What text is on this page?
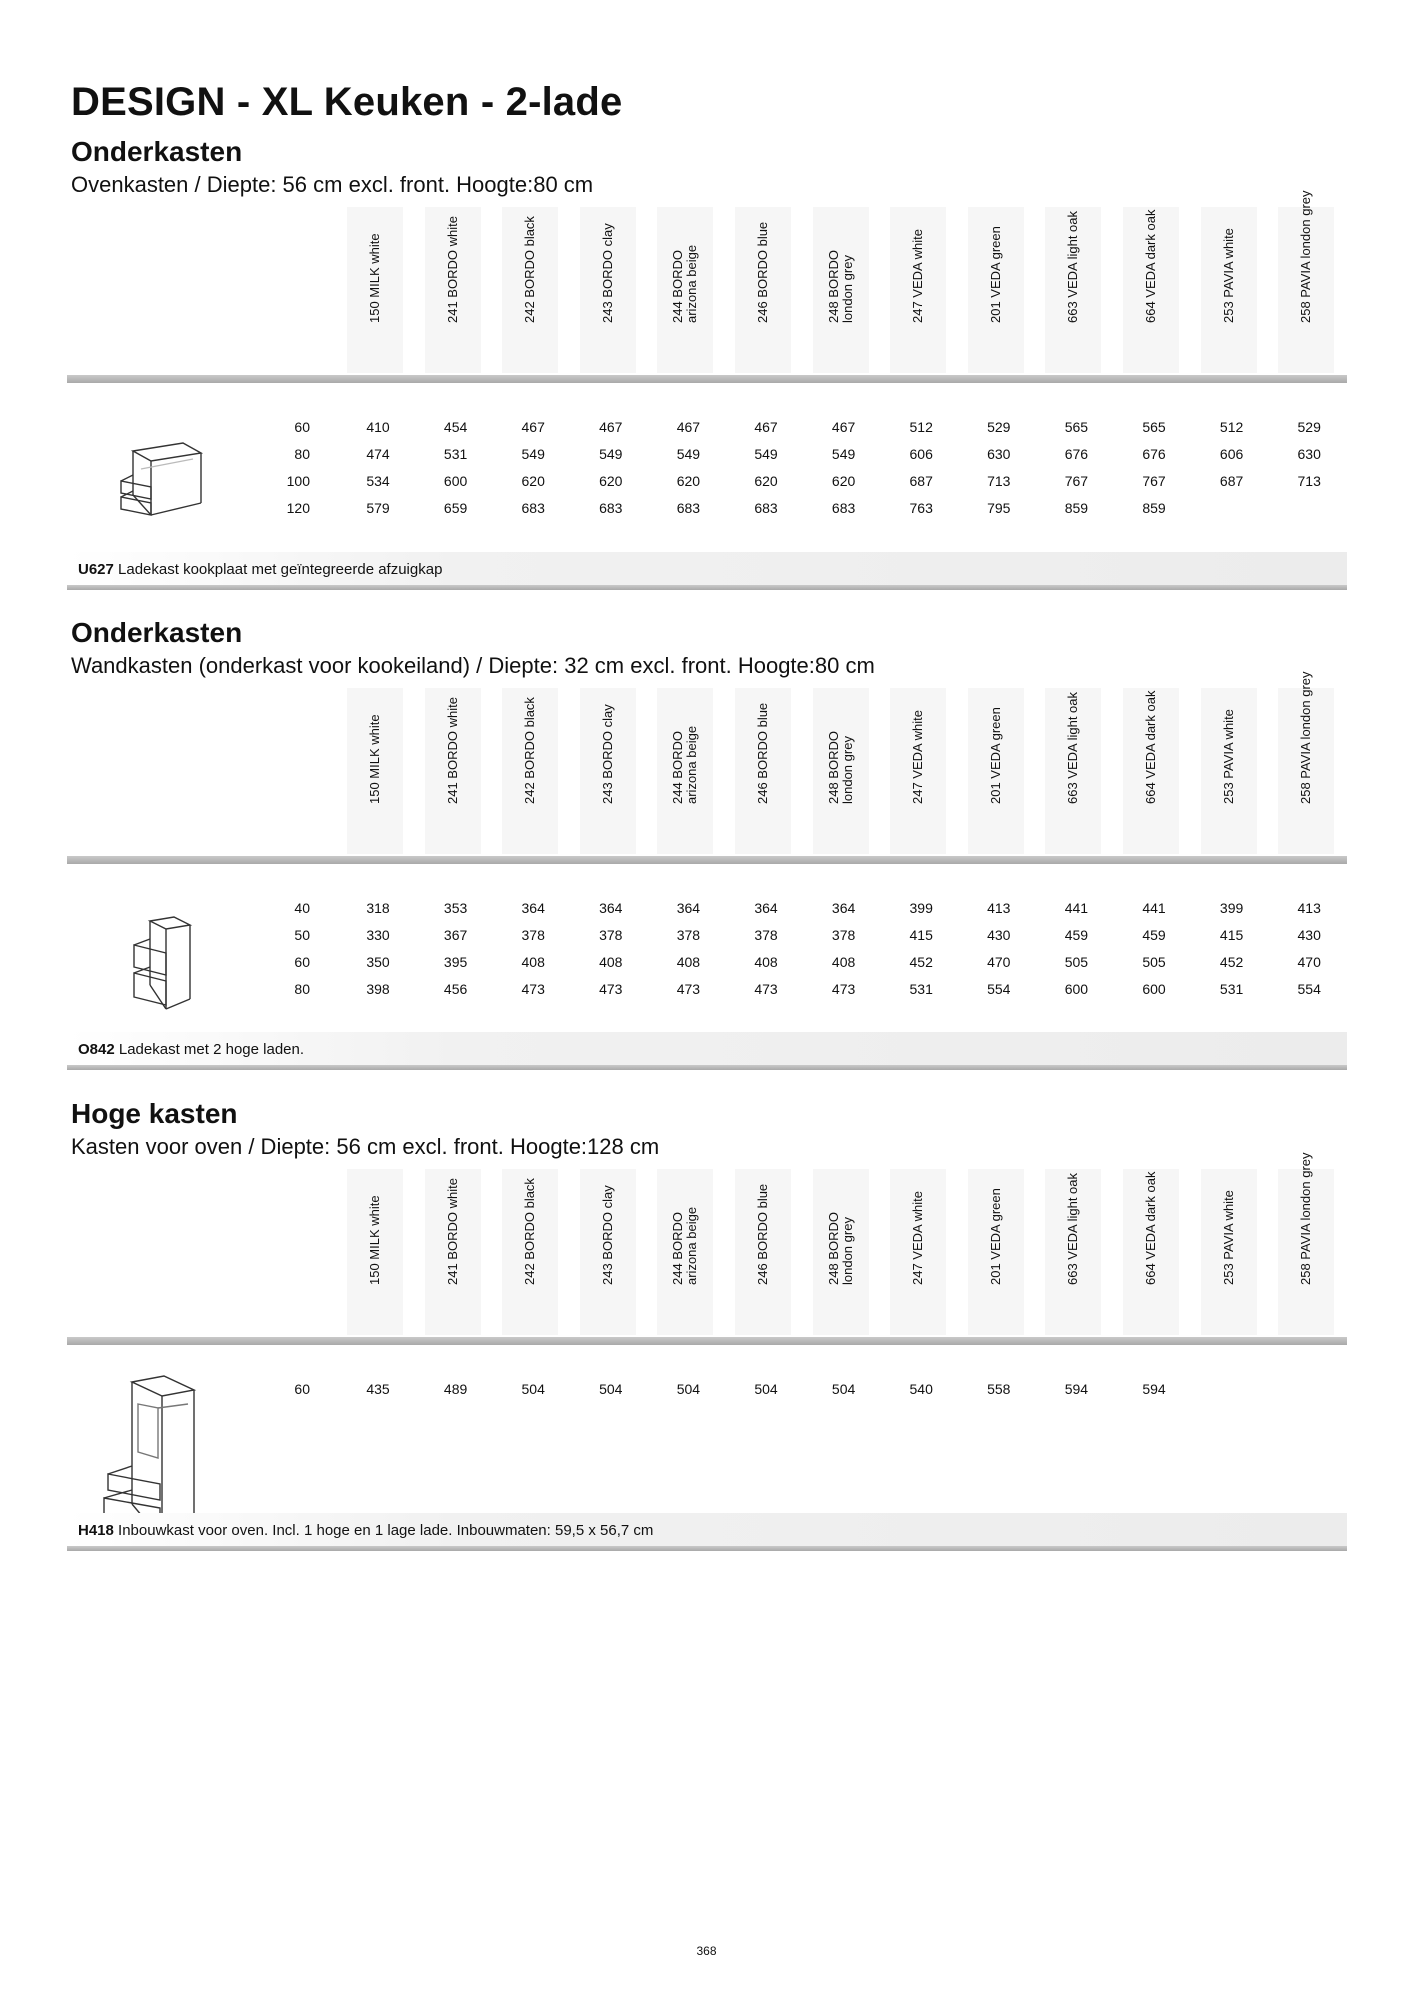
DESIGN - XL Keuken - 2-lade
Onderkasten
Ovenkasten / Diepte: 56 cm excl. front. Hoogte:80 cm
150 MILK white	241 BORDO white	242 BORDO black	243 BORDO clay	244 BORDO arizona beige	246 BORDO blue	248 BORDO london grey	247 VEDA white	201 VEDA green	663 VEDA light oak	664 VEDA dark oak	253 PAVIA white	258 PAVIA london grey
60	410	454	467	467	467	467	467	512	529	565	565	512	529
80	474	531	549	549	549	549	549	606	630	676	676	606	630
100	534	600	620	620	620	620	620	687	713	767	767	687	713
120	579	659	683	683	683	683	683	763	795	859	859
U627 Ladekast kookplaat met geïntegreerde afzuigkap
Onderkasten
Wandkasten (onderkast voor kookeiland) / Diepte: 32 cm excl. front. Hoogte:80 cm
150 MILK white	241 BORDO white	242 BORDO black	243 BORDO clay	244 BORDO arizona beige	246 BORDO blue	248 BORDO london grey	247 VEDA white	201 VEDA green	663 VEDA light oak	664 VEDA dark oak	253 PAVIA white	258 PAVIA london grey
40	318	353	364	364	364	364	364	399	413	441	441	399	413
50	330	367	378	378	378	378	378	415	430	459	459	415	430
60	350	395	408	408	408	408	408	452	470	505	505	452	470
80	398	456	473	473	473	473	473	531	554	600	600	531	554
O842 Ladekast met 2 hoge laden.
Hoge kasten
Kasten voor oven / Diepte: 56 cm excl. front. Hoogte:128 cm
150 MILK white	241 BORDO white	242 BORDO black	243 BORDO clay	244 BORDO arizona beige	246 BORDO blue	248 BORDO london grey	247 VEDA white	201 VEDA green	663 VEDA light oak	664 VEDA dark oak	253 PAVIA white	258 PAVIA london grey
60	435	489	504	504	504	504	504	540	558	594	594
H418 Inbouwkast voor oven. Incl. 1 hoge en 1 lage lade. Inbouwmaten: 59,5 x 56,7 cm
368
